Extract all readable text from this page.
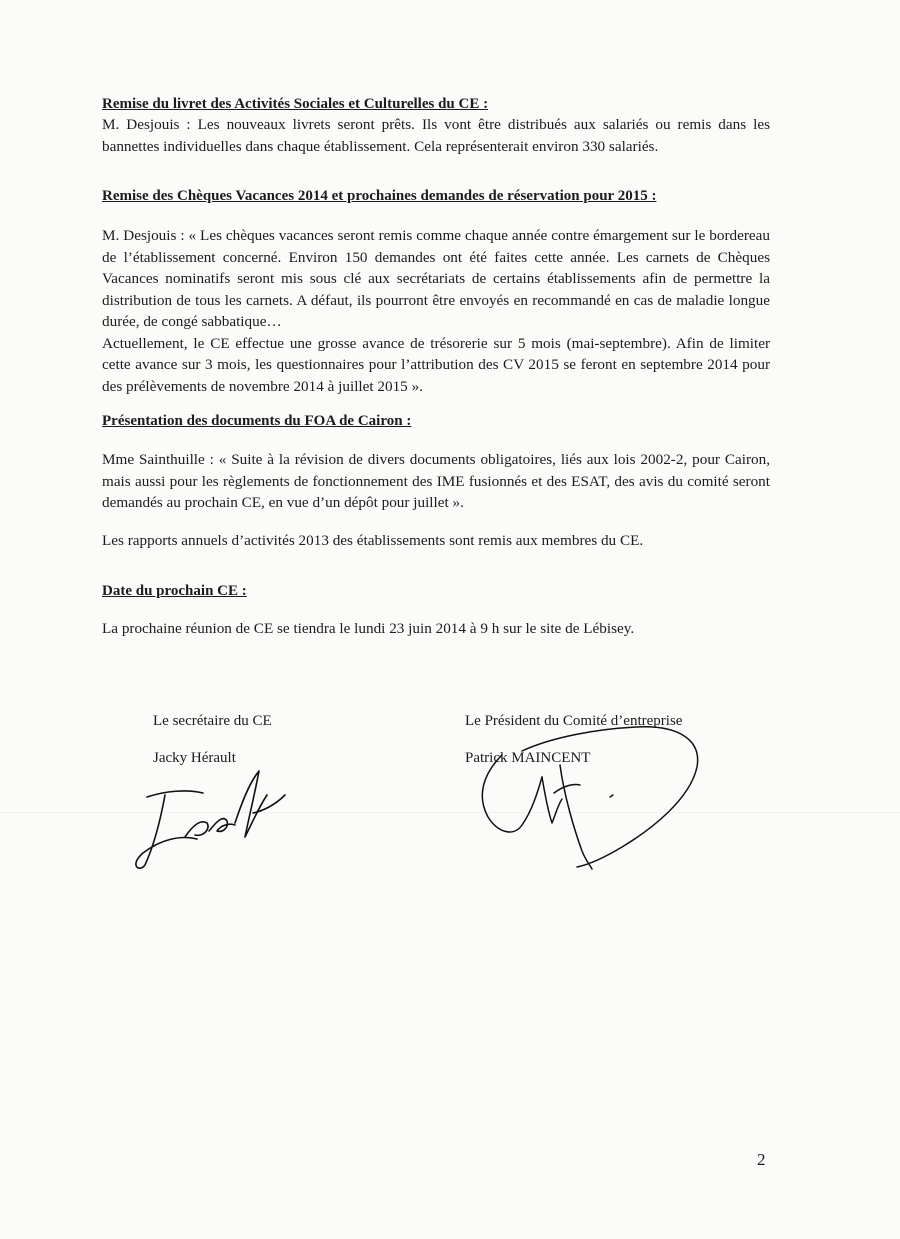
Remise du livret des Activités Sociales et Culturelles du CE :

M. Desjouis : Les nouveaux livrets seront prêts. Ils vont être distribués aux salariés ou remis dans les bannettes individuelles dans chaque établissement. Cela représenterait environ 330 salariés.

Remise des Chèques Vacances 2014 et prochaines demandes de réservation pour 2015 :

M. Desjouis : « Les chèques vacances seront remis comme chaque année contre émargement sur le bordereau de l’établissement concerné. Environ 150 demandes ont été faites cette année. Les carnets de Chèques Vacances nominatifs seront mis sous clé aux secrétariats de certains établissements afin de permettre la distribution de tous les carnets. A défaut, ils pourront être envoyés en recommandé en cas de maladie longue durée, de congé sabbatique…

Actuellement, le CE effectue une grosse avance de trésorerie sur 5 mois (mai-septembre). Afin de limiter cette avance sur 3 mois, les questionnaires pour l’attribution des CV 2015 se feront en septembre 2014 pour des prélèvements de novembre 2014 à juillet 2015 ».

Présentation des documents du FOA de Cairon :

Mme Sainthuille : « Suite à la révision de divers documents obligatoires, liés aux lois 2002-2, pour Cairon, mais aussi pour les règlements de fonctionnement des IME fusionnés et des ESAT, des avis du comité seront demandés au prochain CE, en vue d’un dépôt pour juillet ».

Les rapports annuels d’activités 2013 des établissements sont remis aux membres du CE.

Date du prochain CE :

La prochaine réunion de CE se tiendra le lundi 23 juin 2014 à 9 h sur le site de Lébisey.

Le secrétaire du CE
Jacky Hérault
Le Président du Comité d’entreprise
Patrick MAINCENT
2
